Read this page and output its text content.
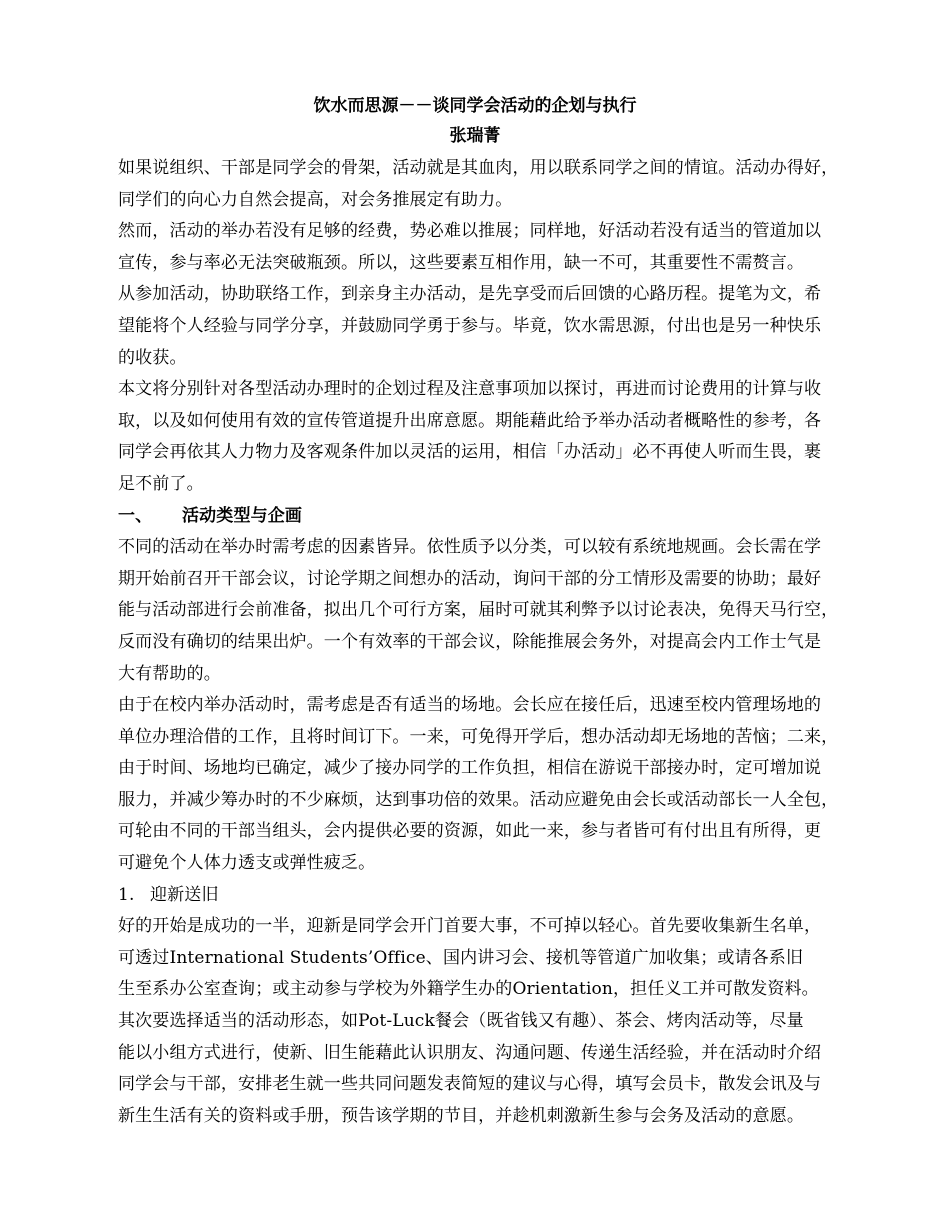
饮水而思源－－谈同学会活动的企划与执行
张瑞菁

如果说组织、干部是同学会的骨架，活动就是其血肉，用以联系同学之间的情谊。活动办得好，

同学们的向心力自然会提高，对会务推展定有助力。

然而，活动的举办若没有足够的经费，势必难以推展；同样地，好活动若没有适当的管道加以

宣传，参与率必无法突破瓶颈。所以，这些要素互相作用，缺一不可，其重要性不需赘言。

从参加活动，协助联络工作，到亲身主办活动，是先享受而后回馈的心路历程。提笔为文，希

望能将个人经验与同学分享，并鼓励同学勇于参与。毕竟，饮水需思源，付出也是另一种快乐

的收获。

本文将分别针对各型活动办理时的企划过程及注意事项加以探讨，再进而讨论费用的计算与收

取，以及如何使用有效的宣传管道提升出席意愿。期能藉此给予举办活动者概略性的参考，各

同学会再依其人力物力及客观条件加以灵活的运用，相信「办活动」必不再使人听而生畏，裹

足不前了。

一、 活动类型与企画

不同的活动在举办时需考虑的因素皆异。依性质予以分类，可以较有系统地规画。会长需在学

期开始前召开干部会议，讨论学期之间想办的活动，询问干部的分工情形及需要的协助；最好

能与活动部进行会前准备，拟出几个可行方案，届时可就其利弊予以讨论表决，免得天马行空，

反而没有确切的结果出炉。一个有效率的干部会议，除能推展会务外，对提高会内工作士气是

大有帮助的。

由于在校内举办活动时，需考虑是否有适当的场地。会长应在接任后，迅速至校内管理场地的

单位办理洽借的工作，且将时间订下。一来，可免得开学后，想办活动却无场地的苦恼；二来，

由于时间、场地均已确定，减少了接办同学的工作负担，相信在游说干部接办时，定可增加说

服力，并减少筹办时的不少麻烦，达到事功倍的效果。活动应避免由会长或活动部长一人全包，

可轮由不同的干部当组头，会内提供必要的资源，如此一来，参与者皆可有付出且有所得，更

可避免个人体力透支或弹性疲乏。

1. 迎新送旧

好的开始是成功的一半，迎新是同学会开门首要大事，不可掉以轻心。首先要收集新生名单，

可透过International Students’Office、国内讲习会、接机等管道广加收集；或请各系旧

生至系办公室查询；或主动参与学校为外籍学生办的Orientation，担任义工并可散发资料。

其次要选择适当的活动形态，如Pot-Luck餐会（既省钱又有趣）、茶会、烤肉活动等，尽量

能以小组方式进行，使新、旧生能藉此认识朋友、沟通问题、传递生活经验，并在活动时介绍

同学会与干部，安排老生就一些共同问题发表简短的建议与心得，填写会员卡，散发会讯及与

新生生活有关的资料或手册，预告该学期的节目，并趁机刺激新生参与会务及活动的意愿。
